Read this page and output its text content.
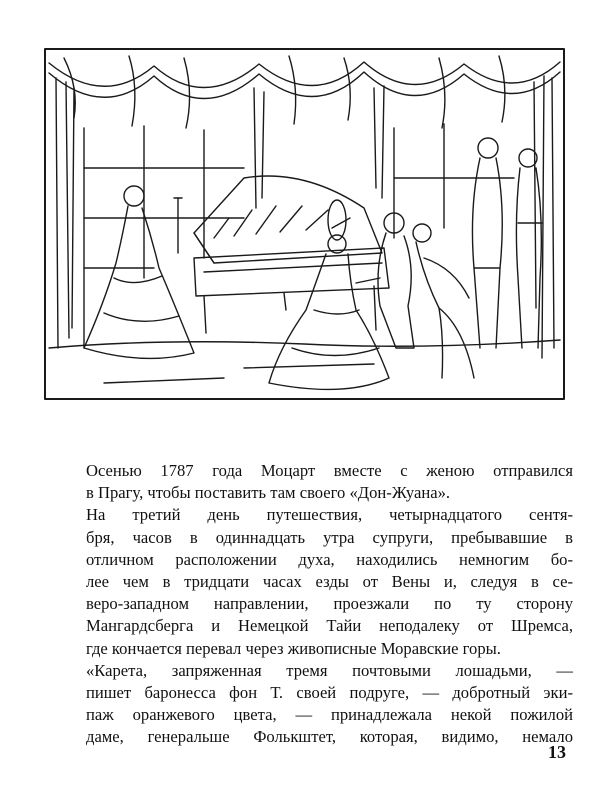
Осенью 1787 года Моцарт вместе с женою отправился
в Прагу, чтобы поставить там своего «Дон-Жуана».

На третий день путешествия, четырнадцатого сентя-
бря, часов в одиннадцать утра супруги, пребывавшие в
отличном расположении духа, находились немногим бо-
лее чем в тридцати часах езды от Вены и, следуя в се-
веро-западном направлении, проезжали по ту сторону
Мангардсберга и Немецкой Тайи неподалеку от Шремса,
где кончается перевал через живописные Моравские горы.

«Карета, запряженная тремя почтовыми лошадьми, —
пишет баронесса фон Т. своей подруге, — добротный эки-
паж оранжевого цвета, — принадлежала некой пожилой
даме, генеральше Фолькштет, которая, видимо, немало

13
